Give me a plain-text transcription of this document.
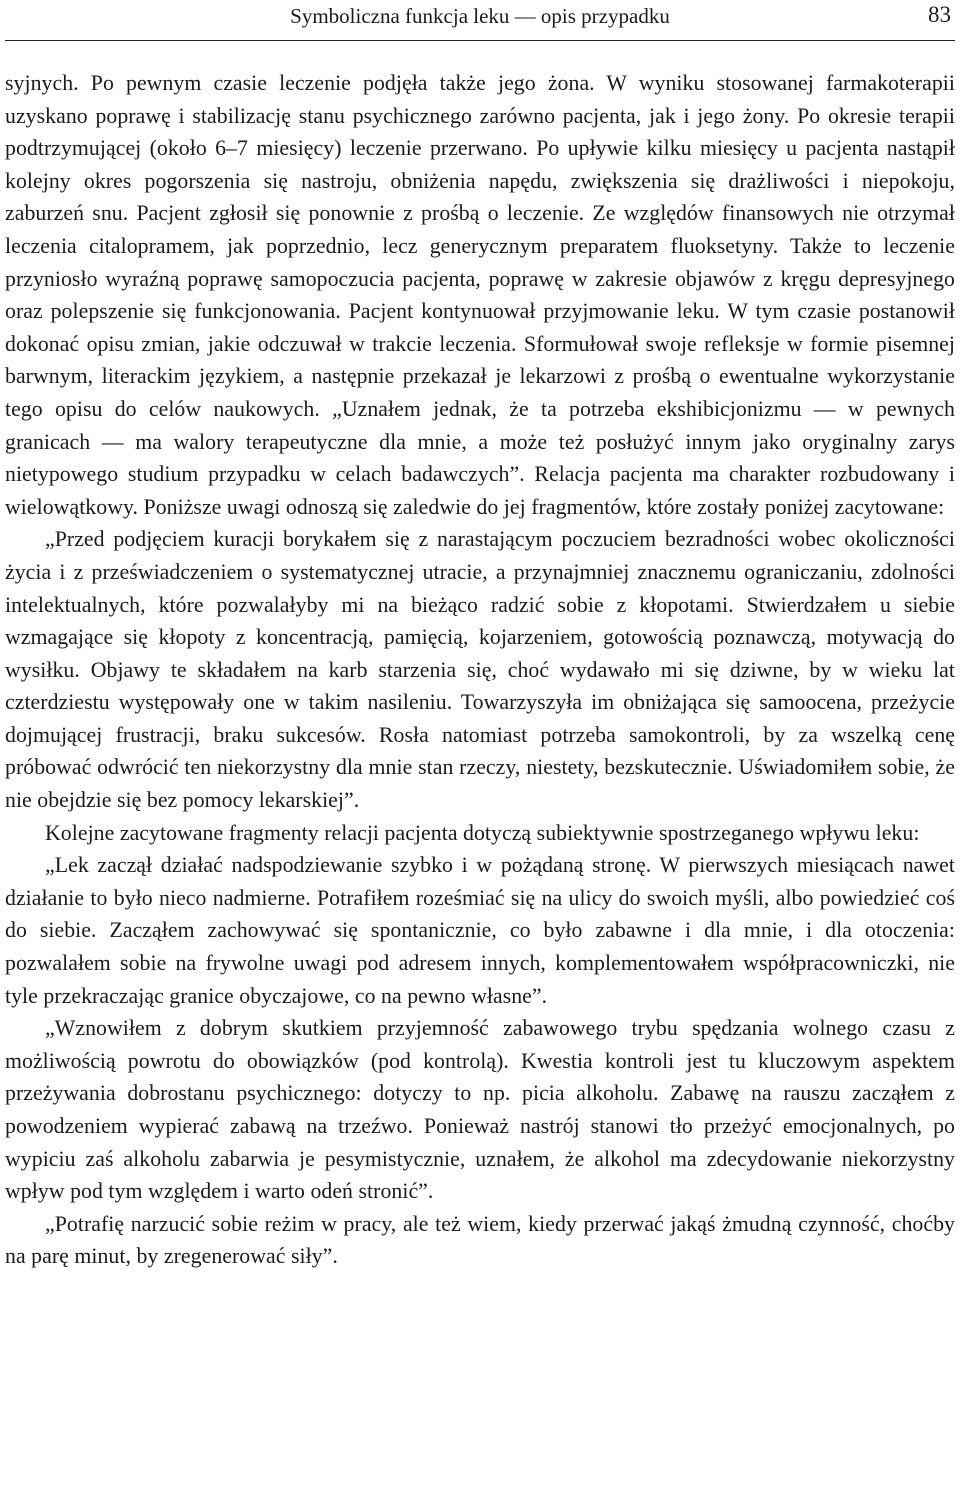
Symboliczna funkcja leku — opis przypadku	83

syjnych. Po pewnym czasie leczenie podjęła także jego żona. W wyniku stosowanej farmakoterapii uzyskano poprawę i stabilizację stanu psychicznego zarówno pacjenta, jak i jego żony. Po okresie terapii podtrzymującej (około 6–7 miesięcy) leczenie przerwano. Po upływie kilku miesięcy u pacjenta nastąpił kolejny okres pogorszenia się nastroju, obniżenia napędu, zwiększenia się drażliwości i niepokoju, zaburzeń snu. Pacjent zgłosił się ponownie z prośbą o leczenie. Ze względów finansowych nie otrzymał leczenia citalopramem, jak poprzednio, lecz generycznym preparatem fluoksetyny. Także to leczenie przyniosło wyraźną poprawę samopoczucia pacjenta, poprawę w zakresie objawów z kręgu depresyjnego oraz polepszenie się funkcjonowania. Pacjent kontynuował przyjmowanie leku. W tym czasie postanowił dokonać opisu zmian, jakie odczuwał w trakcie leczenia. Sformułował swoje refleksje w formie pisemnej barwnym, literackim językiem, a następnie przekazał je lekarzowi z prośbą o ewentualne wykorzystanie tego opisu do celów naukowych. „Uznałem jednak, że ta potrzeba ekshibicjonizmu — w pewnych granicach — ma walory terapeutyczne dla mnie, a może też posłużyć innym jako oryginalny zarys nietypowego studium przypadku w celach badawczych”. Relacja pacjenta ma charakter rozbudowany i wielowątkowy. Poniższe uwagi odnoszą się zaledwie do jej fragmentów, które zostały poniżej zacytowane:

„Przed podjęciem kuracji borykałem się z narastającym poczuciem bezradności wobec okoliczności życia i z przeświadczeniem o systematycznej utracie, a przynajmniej znacznemu ograniczaniu, zdolności intelektualnych, które pozwalałyby mi na bieżąco radzić sobie z kłopotami. Stwierdzałem u siebie wzmagające się kłopoty z koncentracją, pamięcią, kojarzeniem, gotowością poznawczą, motywacją do wysiłku. Objawy te składałem na karb starzenia się, choć wydawało mi się dziwne, by w wieku lat czterdziestu występowały one w takim nasileniu. Towarzyszyła im obniżająca się samoocena, przeżycie dojmującej frustracji, braku sukcesów. Rosła natomiast potrzeba samokontroli, by za wszelką cenę próbować odwrócić ten niekorzystny dla mnie stan rzeczy, niestety, bezskutecznie. Uświadomiłem sobie, że nie obejdzie się bez pomocy lekarskiej”.

Kolejne zacytowane fragmenty relacji pacjenta dotyczą subiektywnie spostrzeganego wpływu leku:

„Lek zaczął działać nadspodziewanie szybko i w pożądaną stronę. W pierwszych miesiącach nawet działanie to było nieco nadmierne. Potrafiłem roześmiać się na ulicy do swoich myśli, albo powiedzieć coś do siebie. Zacząłem zachowywać się spontanicznie, co było zabawne i dla mnie, i dla otoczenia: pozwalałem sobie na frywolne uwagi pod adresem innych, komplementowałem współpracowniczki, nie tyle przekraczając granice obyczajowe, co na pewno własne”.

„Wznowiłem z dobrym skutkiem przyjemność zabawowego trybu spędzania wolnego czasu z możliwością powrotu do obowiązków (pod kontrolą). Kwestia kontroli jest tu kluczowym aspektem przeżywania dobrostanu psychicznego: dotyczy to np. picia alkoholu. Zabawę na rauszu zacząłem z powodzeniem wypierać zabawą na trzeźwo. Ponieważ nastrój stanowi tło przeżyć emocjonalnych, po wypiciu zaś alkoholu zabarwia je pesymistycznie, uznałem, że alkohol ma zdecydowanie niekorzystny wpływ pod tym względem i warto odeń stronić”.

„Potrafię narzucić sobie reżim w pracy, ale też wiem, kiedy przerwać jakąś żmudną czynność, choćby na parę minut, by zregenerować siły”.
